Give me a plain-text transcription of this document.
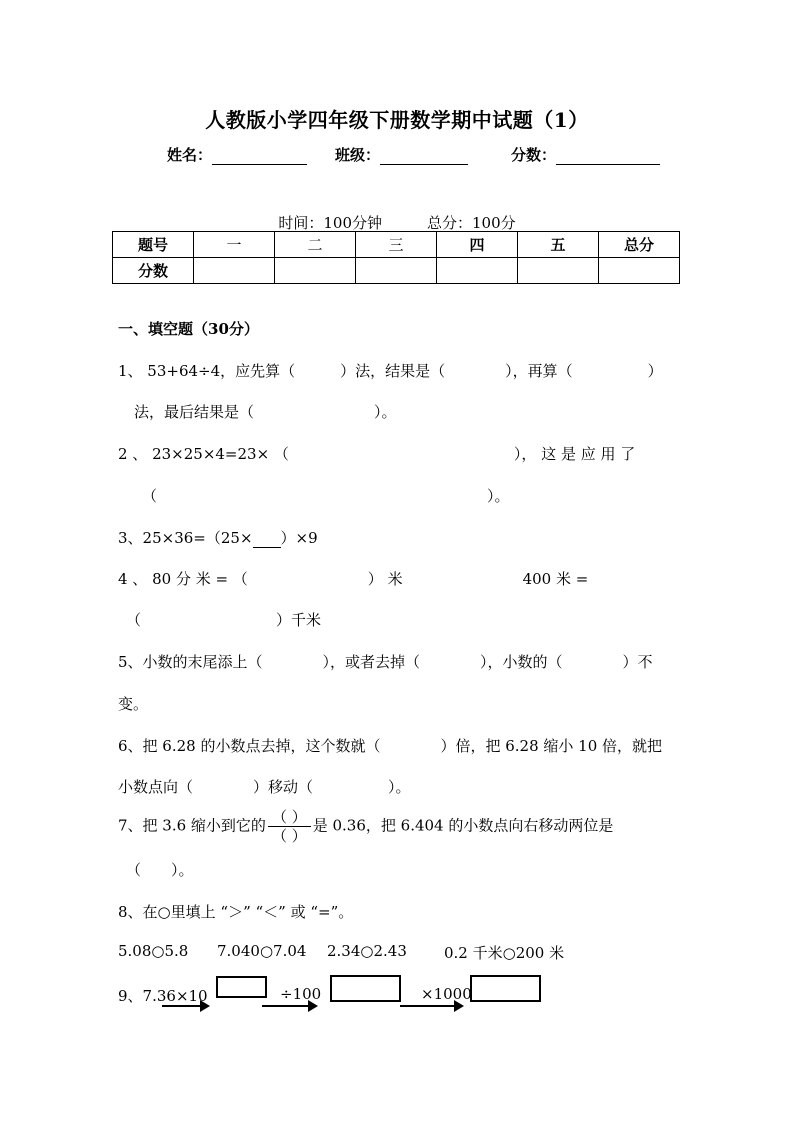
人教版小学四年级下册数学期中试题（1）
姓名：	班级：	分数：
时间：100分钟　　　总分：100分
题号	一	二	三	四	五	总分
分数						
一、填空题（30分）
1、 53+64÷4，应先算（　　　）法，结果是（　　　　），再算（　　　　　）
法，最后结果是（　　　　　　　　）。
2 、 23×25×4=23× （　　　　　　　　　　　　　　　）， 这 是 应 用 了
（　　　　　　　　　　　　　　　　　　　　　　）。
3、25×36=（25× ）×9
4 、 80 分 米 = （　　　　　　　　） 米　　　　　　　　400 米 =
（　　　　　　　　　）千米
5、小数的末尾添上（　　　　），或者去掉（　　　　），小数的（　　　　）不
变。
6、把 6.28 的小数点去掉，这个数就（　　　　）倍，把 6.28 缩小 10 倍，就把
小数点向（　　　　）移动（　　　　　）。
7、把 3.6 缩小到它的 $\frac{( )}{( )}$ 是 0.36，把 6.404 的小数点向右移动两位是
（　　）。
8、在○里填上 “＞” “＜” 或 “=”。
5.08○5.8 7.040○7.04 2.34○2.43 0.2 千米○200 米
9、7.36×10	÷100	×1000
